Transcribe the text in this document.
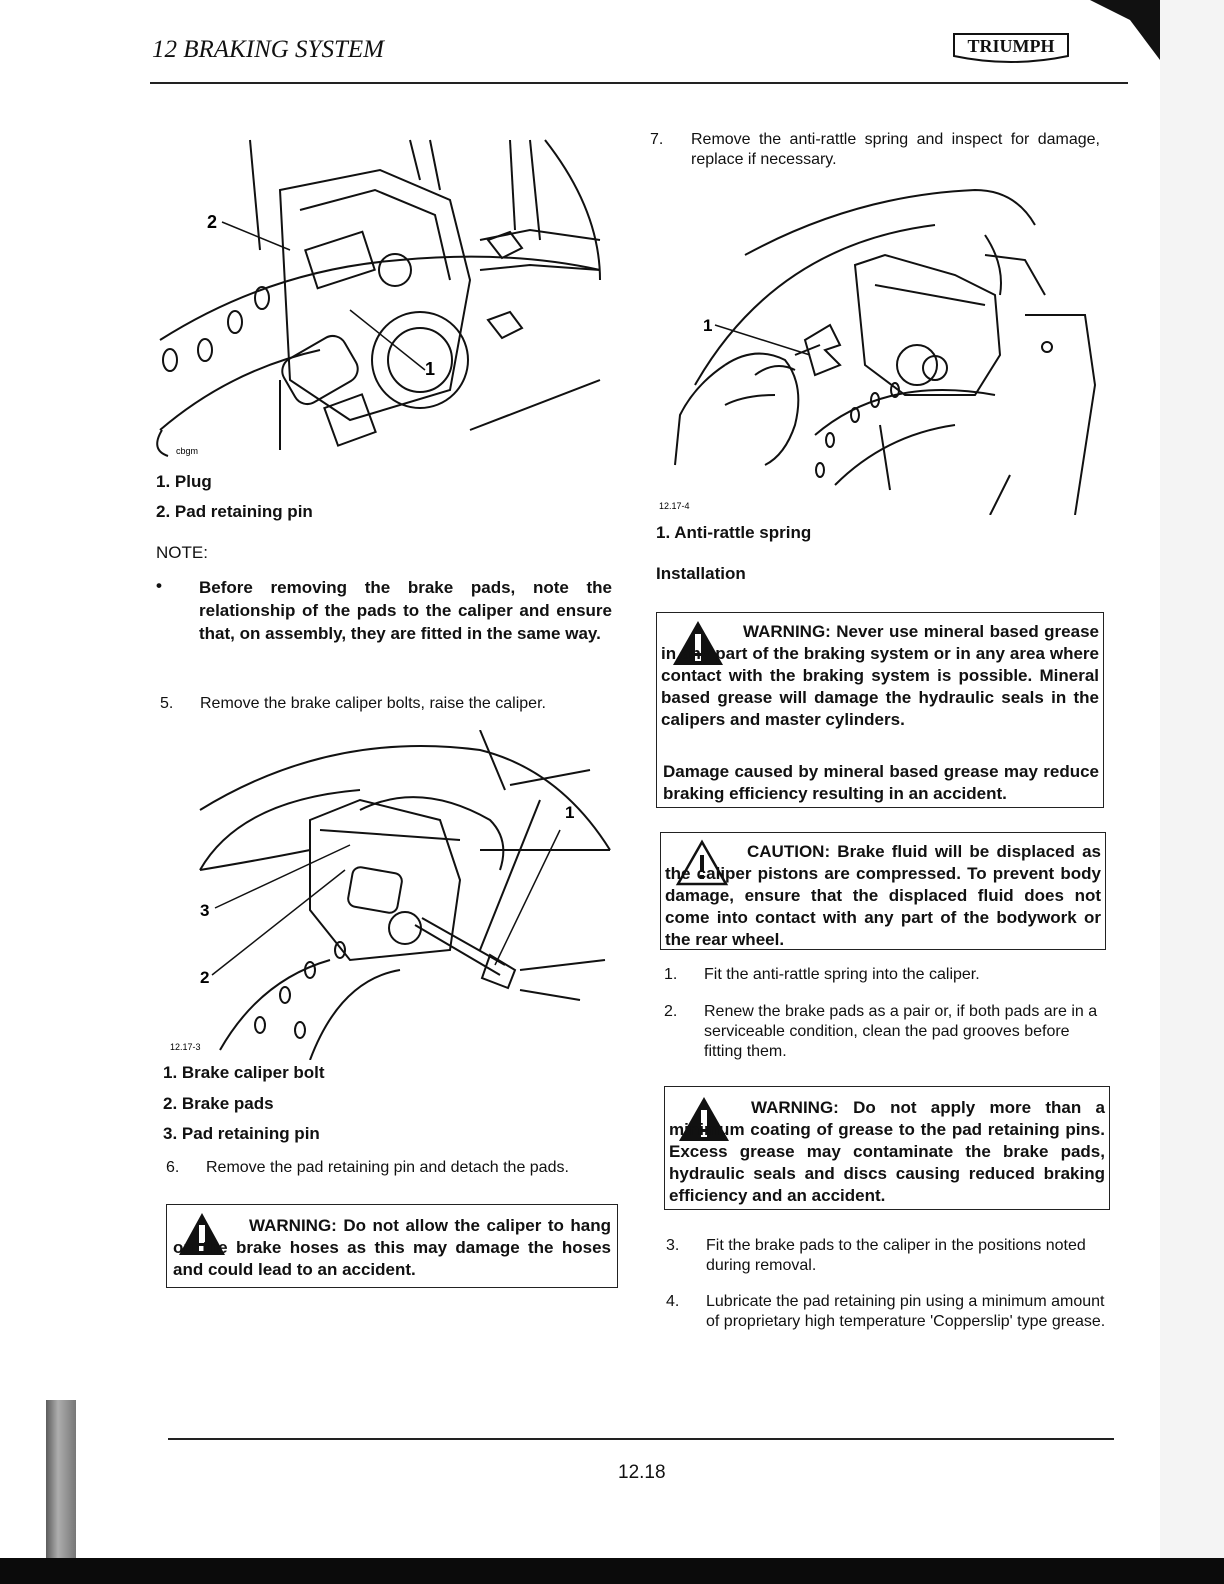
12 BRAKING SYSTEM	TRIUMPH
2
1
cbgm
1. Plug
2. Pad retaining pin
NOTE:
• Before removing the brake pads, note the relationship of the pads to the caliper and ensure that, on assembly, they are fitted in the same way.
5. Remove the brake caliper bolts, raise the caliper.
1
3
2
12.17-3
1. Brake caliper bolt
2. Brake pads
3. Pad retaining pin
6. Remove the pad retaining pin and detach the pads.
WARNING: Do not allow the caliper to hang on the brake hoses as this may damage the hoses and could lead to an accident.
7. Remove the anti-rattle spring and inspect for damage, replace if necessary.
1
12.17-4
1. Anti-rattle spring
Installation
WARNING: Never use mineral based grease in any part of the braking system or in any area where contact with the braking system is possible. Mineral based grease will damage the hydraulic seals in the calipers and master cylinders.
Damage caused by mineral based grease may reduce braking efficiency resulting in an accident.
CAUTION: Brake fluid will be displaced as the caliper pistons are compressed. To prevent body damage, ensure that the displaced fluid does not come into contact with any part of the bodywork or the rear wheel.
1. Fit the anti-rattle spring into the caliper.
2. Renew the brake pads as a pair or, if both pads are in a serviceable condition, clean the pad grooves before fitting them.
WARNING: Do not apply more than a minimum coating of grease to the pad retaining pins. Excess grease may contaminate the brake pads, hydraulic seals and discs causing reduced braking efficiency and an accident.
3. Fit the brake pads to the caliper in the positions noted during removal.
4. Lubricate the pad retaining pin using a minimum amount of proprietary high temperature 'Copperslip' type grease.
12.18
